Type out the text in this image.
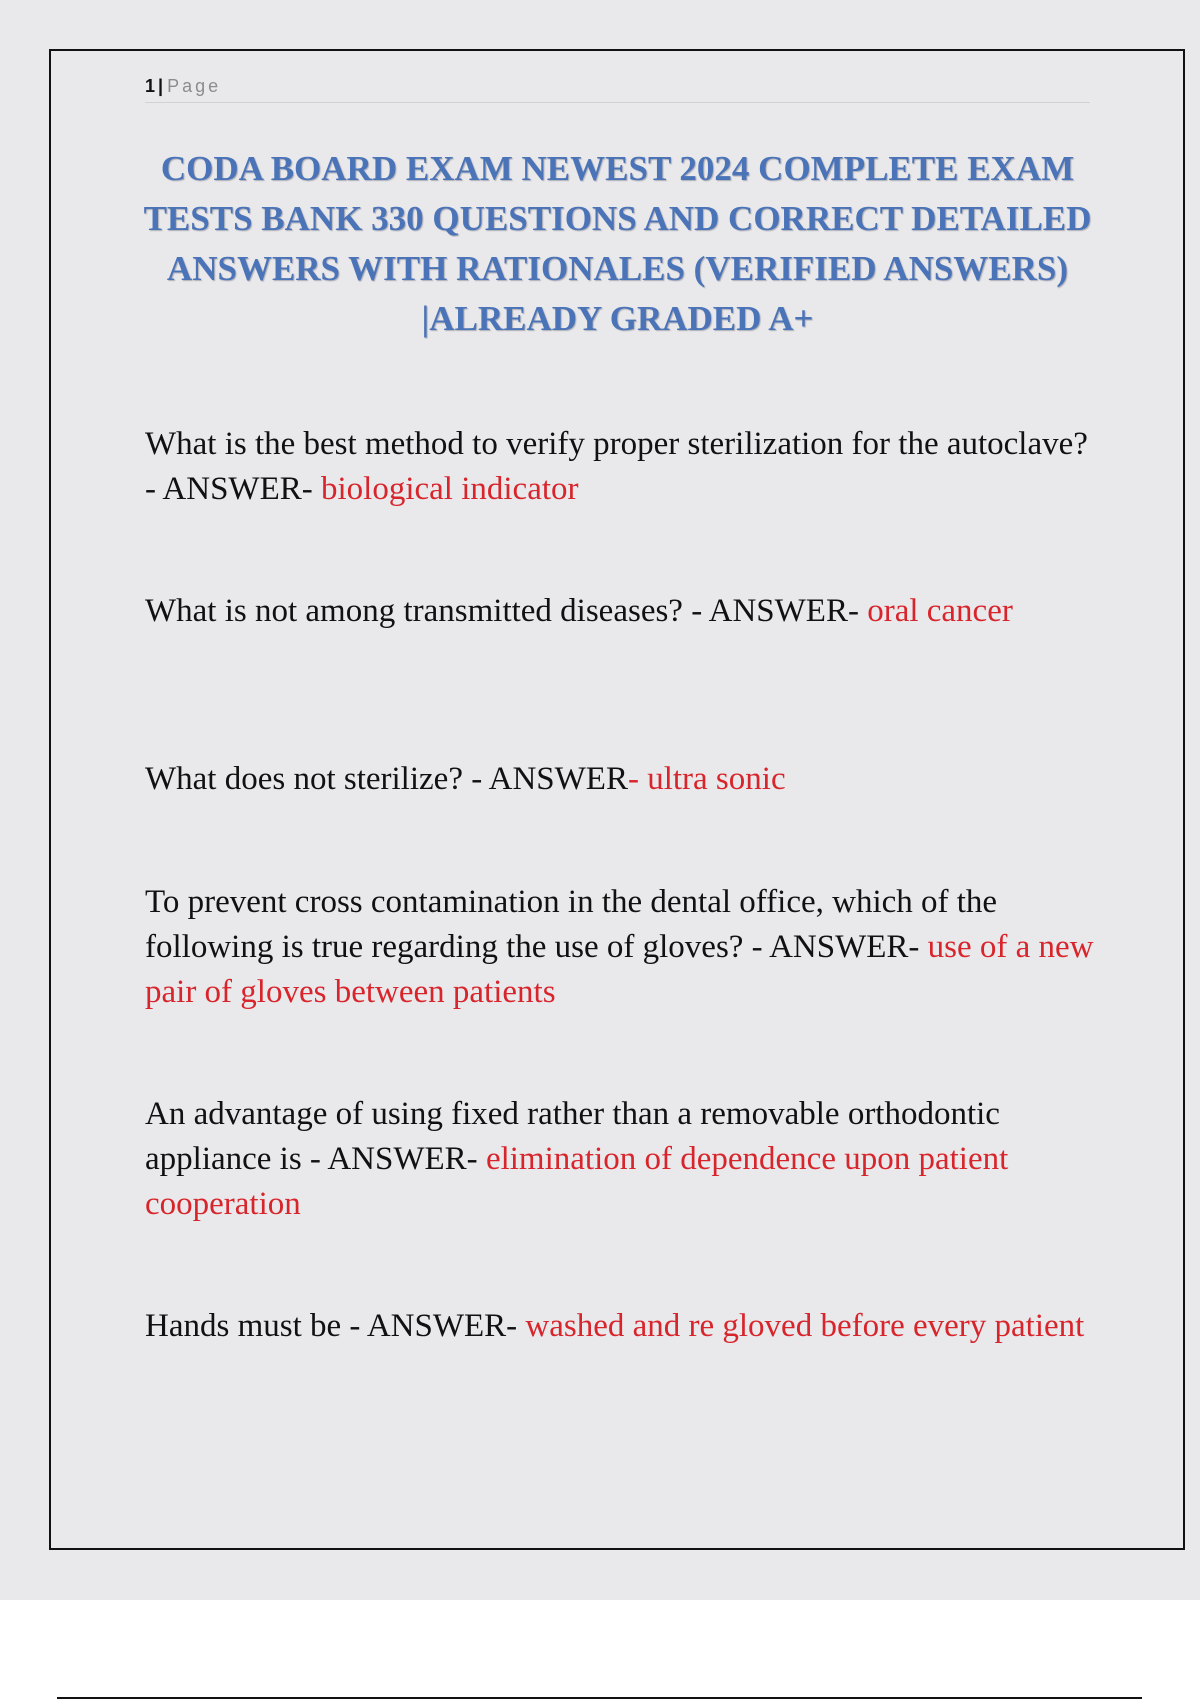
1 | Page
CODA BOARD EXAM NEWEST 2024 COMPLETE EXAM TESTS BANK 330 QUESTIONS AND CORRECT DETAILED ANSWERS WITH RATIONALES (VERIFIED ANSWERS) |ALREADY GRADED A+

What is the best method to verify proper sterilization for the autoclave? - ANSWER- biological indicator

What is not among transmitted diseases? - ANSWER- oral cancer

What does not sterilize? - ANSWER- ultra sonic

To prevent cross contamination in the dental office, which of the following is true regarding the use of gloves? - ANSWER- use of a new pair of gloves between patients

An advantage of using fixed rather than a removable orthodontic appliance is - ANSWER- elimination of dependence upon patient cooperation

Hands must be - ANSWER- washed and re gloved before every patient
